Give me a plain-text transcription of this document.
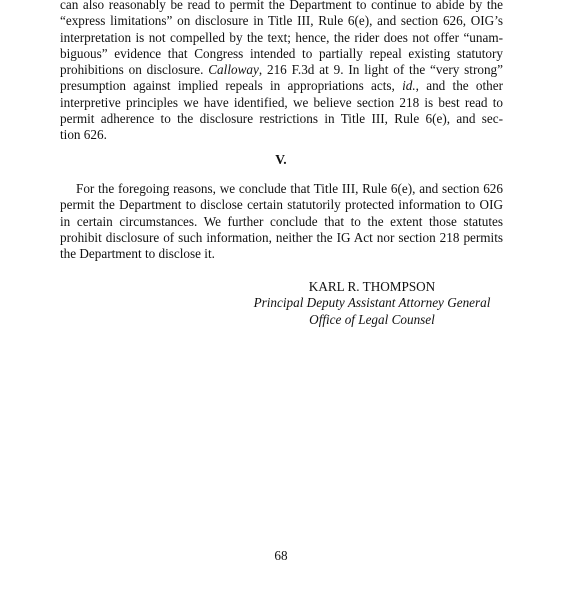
can also reasonably be read to permit the Department to continue to abide by the
“express limitations” on disclosure in Title III, Rule 6(e), and section 626, OIG’s
interpretation is not compelled by the text; hence, the rider does not offer “unam-
biguous” evidence that Congress intended to partially repeal existing statutory
prohibitions on disclosure. Calloway, 216 F.3d at 9. In light of the “very strong”
presumption against implied repeals in appropriations acts, id., and the other
interpretive principles we have identified, we believe section 218 is best read to
permit adherence to the disclosure restrictions in Title III, Rule 6(e), and sec-
tion 626.

V.

For the foregoing reasons, we conclude that Title III, Rule 6(e), and section 626
permit the Department to disclose certain statutorily protected information to OIG
in certain circumstances. We further conclude that to the extent those statutes
prohibit disclosure of such information, neither the IG Act nor section 218 permits
the Department to disclose it.

KARL R. THOMPSON

Principal Deputy Assistant Attorney General

Office of Legal Counsel

68
